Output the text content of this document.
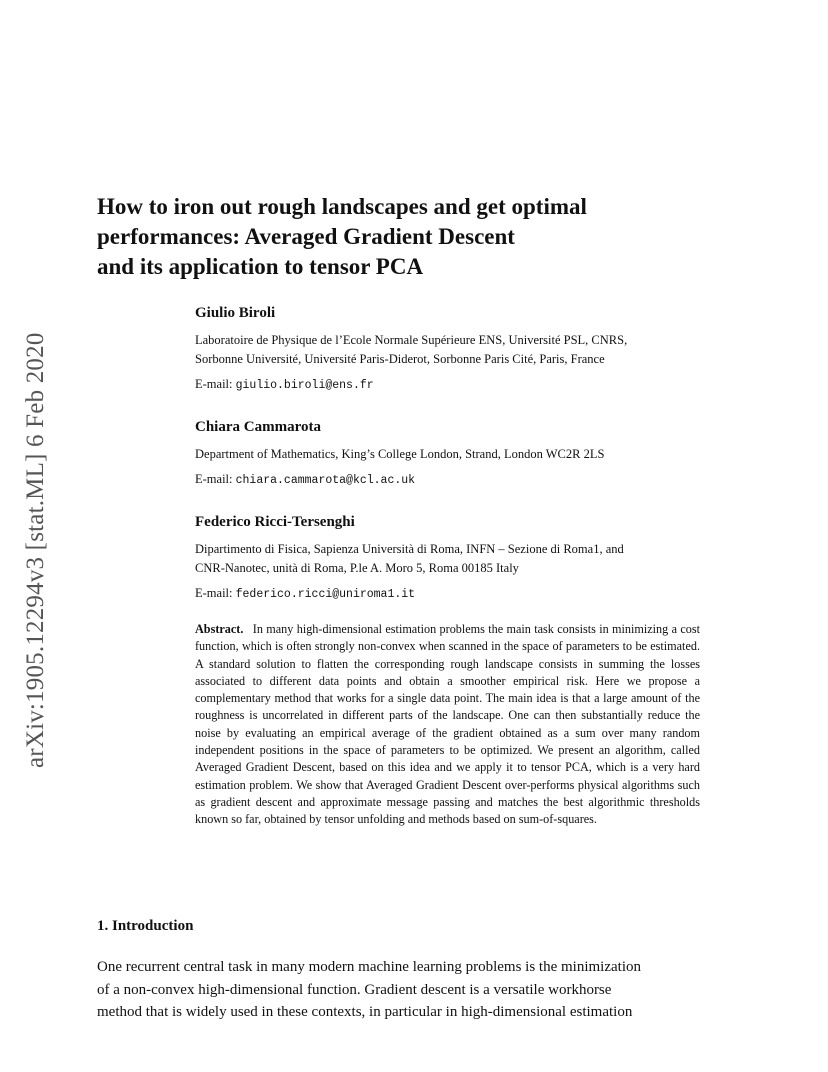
arXiv:1905.12294v3 [stat.ML] 6 Feb 2020
How to iron out rough landscapes and get optimal
performances: Averaged Gradient Descent
and its application to tensor PCA
Giulio Biroli
Laboratoire de Physique de l’Ecole Normale Supérieure ENS, Université PSL, CNRS,
Sorbonne Université, Université Paris-Diderot, Sorbonne Paris Cité, Paris, France
E-mail: giulio.biroli@ens.fr
Chiara Cammarota
Department of Mathematics, King’s College London, Strand, London WC2R 2LS
E-mail: chiara.cammarota@kcl.ac.uk
Federico Ricci-Tersenghi
Dipartimento di Fisica, Sapienza Università di Roma, INFN – Sezione di Roma1, and
CNR-Nanotec, unità di Roma, P.le A. Moro 5, Roma 00185 Italy
E-mail: federico.ricci@uniroma1.it
Abstract. In many high-dimensional estimation problems the main task consists in minimizing a cost function, which is often strongly non-convex when scanned in the space of parameters to be estimated. A standard solution to flatten the corresponding rough landscape consists in summing the losses associated to different data points and obtain a smoother empirical risk. Here we propose a complementary method that works for a single data point. The main idea is that a large amount of the roughness is uncorrelated in different parts of the landscape. One can then substantially reduce the noise by evaluating an empirical average of the gradient obtained as a sum over many random independent positions in the space of parameters to be optimized. We present an algorithm, called Averaged Gradient Descent, based on this idea and we apply it to tensor PCA, which is a very hard estimation problem. We show that Averaged Gradient Descent over-performs physical algorithms such as gradient descent and approximate message passing and matches the best algorithmic thresholds known so far, obtained by tensor unfolding and methods based on sum-of-squares.
1. Introduction
One recurrent central task in many modern machine learning problems is the minimization
of a non-convex high-dimensional function. Gradient descent is a versatile workhorse
method that is widely used in these contexts, in particular in high-dimensional estimation
